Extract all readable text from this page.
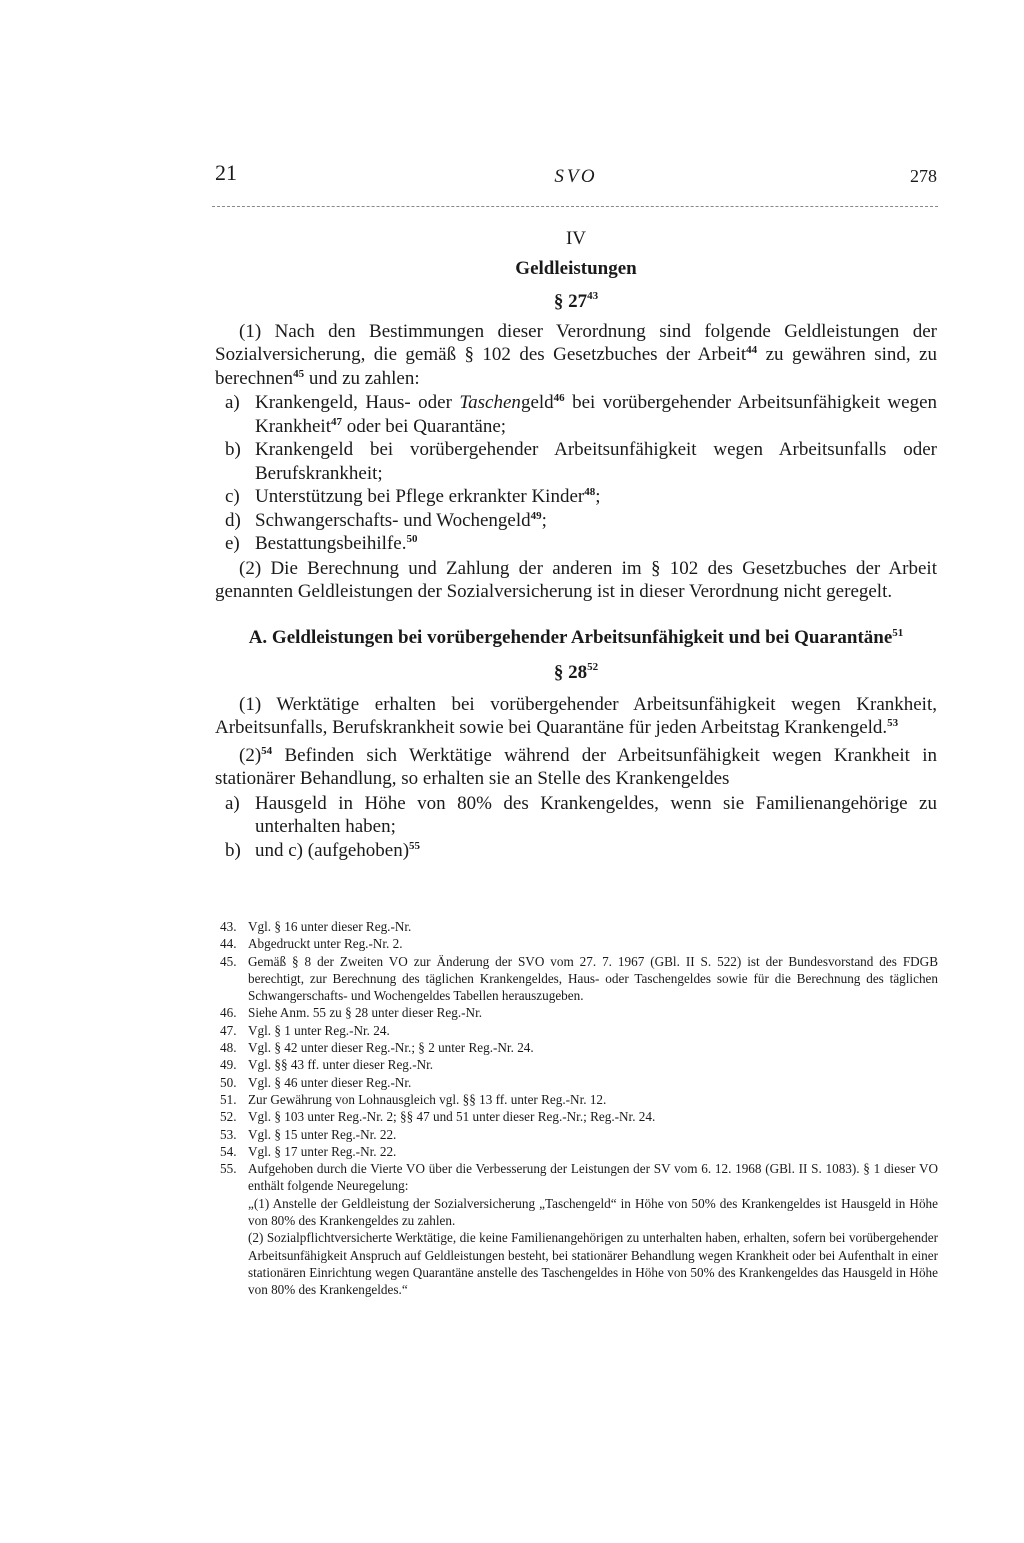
21	SVO	278
IV
Geldleistungen
§ $27^{43}$

(1) Nach den Bestimmungen dieser Verordnung sind folgende Geldleistungen der Sozialversicherung, die gemäß § 102 des Gesetzbuches der Arbeit$^{44}$ zu gewähren sind, zu berechnen$^{45}$ und zu zahlen:

a) Krankengeld, Haus- oder Taschengeld$^{46}$ bei vorübergehender Arbeitsunfähigkeit wegen Krankheit$^{47}$ oder bei Quarantäne;
b) Krankengeld bei vorübergehender Arbeitsunfähigkeit wegen Arbeitsunfalls oder Berufskrankheit;
c) Unterstützung bei Pflege erkrankter Kinder$^{48}$;
d) Schwangerschafts- und Wochengeld$^{49}$;
e) Bestattungsbeihilfe.$^{50}$

(2) Die Berechnung und Zahlung der anderen im § 102 des Gesetzbuches der Arbeit genannten Geldleistungen der Sozialversicherung ist in dieser Verordnung nicht geregelt.

A. Geldleistungen bei vorübergehender Arbeitsunfähigkeit und bei Quarantäne$^{51}$
§ $28^{52}$

(1) Werktätige erhalten bei vorübergehender Arbeitsunfähigkeit wegen Krankheit, Arbeitsunfalls, Berufskrankheit sowie bei Quarantäne für jeden Arbeitstag Krankengeld.$^{53}$

$(2)^{54}$ Befinden sich Werktätige während der Arbeitsunfähigkeit wegen Krankheit in stationärer Behandlung, so erhalten sie an Stelle des Krankengeldes

a) Hausgeld in Höhe von 80% des Krankengeldes, wenn sie Familienangehörige zu unterhalten haben;
b) und c) (aufgehoben)$^{55}$
43. Vgl. § 16 unter dieser Reg.-Nr.
44. Abgedruckt unter Reg.-Nr. 2.
45. Gemäß § 8 der Zweiten VO zur Änderung der SVO vom 27. 7. 1967 (GBl. II S. 522) ist der Bundesvorstand des FDGB berechtigt, zur Berechnung des täglichen Krankengeldes, Haus- oder Taschengeldes sowie für die Berechnung des täglichen Schwangerschafts- und Wochengeldes Tabellen herauszugeben.
46. Siehe Anm. 55 zu § 28 unter dieser Reg.-Nr.
47. Vgl. § 1 unter Reg.-Nr. 24.
48. Vgl. § 42 unter dieser Reg.-Nr.; § 2 unter Reg.-Nr. 24.
49. Vgl. §§ 43 ff. unter dieser Reg.-Nr.
50. Vgl. § 46 unter dieser Reg.-Nr.
51. Zur Gewährung von Lohnausgleich vgl. §§ 13 ff. unter Reg.-Nr. 12.
52. Vgl. § 103 unter Reg.-Nr. 2; §§ 47 und 51 unter dieser Reg.-Nr.; Reg.-Nr. 24.
53. Vgl. § 15 unter Reg.-Nr. 22.
54. Vgl. § 17 unter Reg.-Nr. 22.
55. Aufgehoben durch die Vierte VO über die Verbesserung der Leistungen der SV vom 6. 12. 1968 (GBl. II S. 1083). § 1 dieser VO enthält folgende Neuregelung:
„(1) Anstelle der Geldleistung der Sozialversicherung „Taschengeld“ in Höhe von 50% des Krankengeldes ist Hausgeld in Höhe von 80% des Krankengeldes zu zahlen.
(2) Sozialpflichtversicherte Werktätige, die keine Familienangehörigen zu unterhalten haben, erhalten, sofern bei vorübergehender Arbeitsunfähigkeit Anspruch auf Geldleistungen besteht, bei stationärer Behandlung wegen Krankheit oder bei Aufenthalt in einer stationären Einrichtung wegen Quarantäne anstelle des Taschengeldes in Höhe von 50% des Krankengeldes das Hausgeld in Höhe von 80% des Krankengeldes.“
